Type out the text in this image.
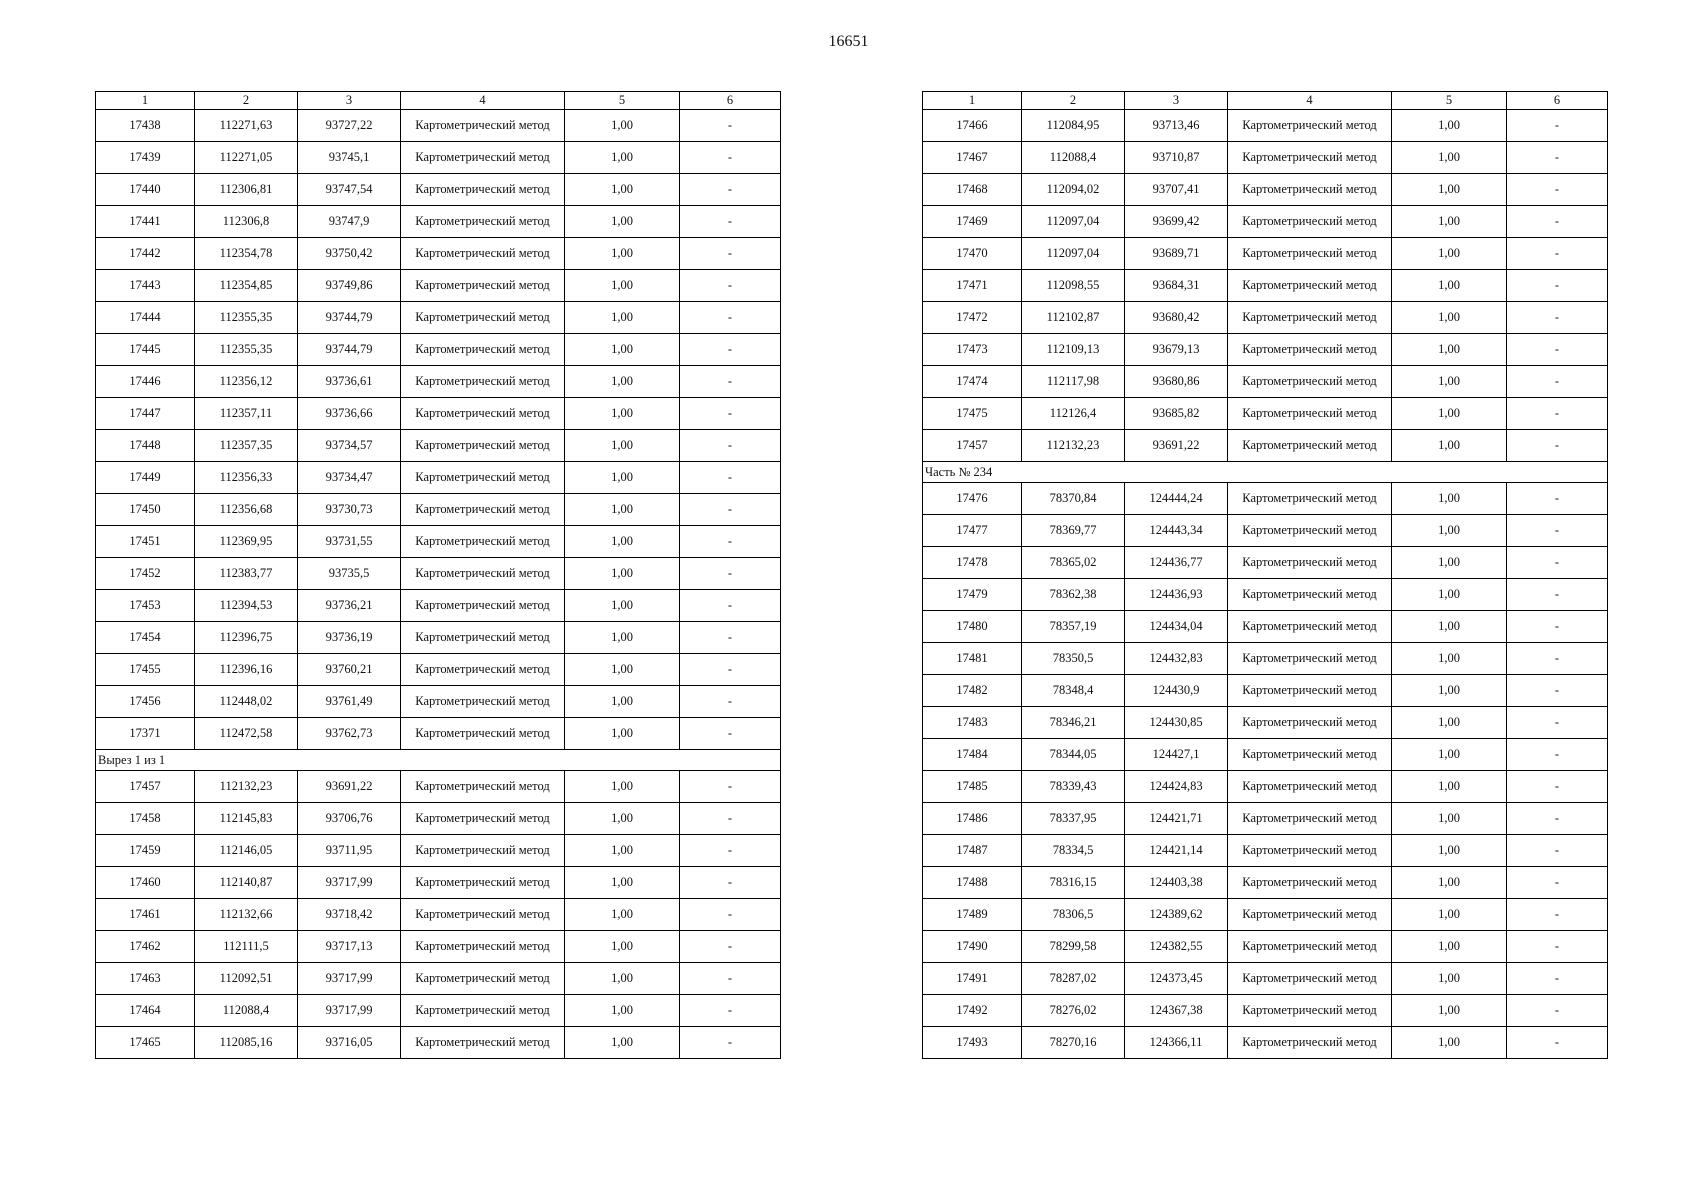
16651
1	2	3	4	5	6
17438	112271,63	93727,22	Картометрический метод	1,00	-
17439	112271,05	93745,1	Картометрический метод	1,00	-
17440	112306,81	93747,54	Картометрический метод	1,00	-
17441	112306,8	93747,9	Картометрический метод	1,00	-
17442	112354,78	93750,42	Картометрический метод	1,00	-
17443	112354,85	93749,86	Картометрический метод	1,00	-
17444	112355,35	93744,79	Картометрический метод	1,00	-
17445	112355,35	93744,79	Картометрический метод	1,00	-
17446	112356,12	93736,61	Картометрический метод	1,00	-
17447	112357,11	93736,66	Картометрический метод	1,00	-
17448	112357,35	93734,57	Картометрический метод	1,00	-
17449	112356,33	93734,47	Картометрический метод	1,00	-
17450	112356,68	93730,73	Картометрический метод	1,00	-
17451	112369,95	93731,55	Картометрический метод	1,00	-
17452	112383,77	93735,5	Картометрический метод	1,00	-
17453	112394,53	93736,21	Картометрический метод	1,00	-
17454	112396,75	93736,19	Картометрический метод	1,00	-
17455	112396,16	93760,21	Картометрический метод	1,00	-
17456	112448,02	93761,49	Картометрический метод	1,00	-
17371	112472,58	93762,73	Картометрический метод	1,00	-
Вырез 1 из 1					
17457	112132,23	93691,22	Картометрический метод	1,00	-
17458	112145,83	93706,76	Картометрический метод	1,00	-
17459	112146,05	93711,95	Картометрический метод	1,00	-
17460	112140,87	93717,99	Картометрический метод	1,00	-
17461	112132,66	93718,42	Картометрический метод	1,00	-
17462	112111,5	93717,13	Картометрический метод	1,00	-
17463	112092,51	93717,99	Картометрический метод	1,00	-
17464	112088,4	93717,99	Картометрический метод	1,00	-
17465	112085,16	93716,05	Картометрический метод	1,00	-
1	2	3	4	5	6
17466	112084,95	93713,46	Картометрический метод	1,00	-
17467	112088,4	93710,87	Картометрический метод	1,00	-
17468	112094,02	93707,41	Картометрический метод	1,00	-
17469	112097,04	93699,42	Картометрический метод	1,00	-
17470	112097,04	93689,71	Картометрический метод	1,00	-
17471	112098,55	93684,31	Картометрический метод	1,00	-
17472	112102,87	93680,42	Картометрический метод	1,00	-
17473	112109,13	93679,13	Картометрический метод	1,00	-
17474	112117,98	93680,86	Картометрический метод	1,00	-
17475	112126,4	93685,82	Картометрический метод	1,00	-
17457	112132,23	93691,22	Картометрический метод	1,00	-
Часть № 234					
17476	78370,84	124444,24	Картометрический метод	1,00	-
17477	78369,77	124443,34	Картометрический метод	1,00	-
17478	78365,02	124436,77	Картометрический метод	1,00	-
17479	78362,38	124436,93	Картометрический метод	1,00	-
17480	78357,19	124434,04	Картометрический метод	1,00	-
17481	78350,5	124432,83	Картометрический метод	1,00	-
17482	78348,4	124430,9	Картометрический метод	1,00	-
17483	78346,21	124430,85	Картометрический метод	1,00	-
17484	78344,05	124427,1	Картометрический метод	1,00	-
17485	78339,43	124424,83	Картометрический метод	1,00	-
17486	78337,95	124421,71	Картометрический метод	1,00	-
17487	78334,5	124421,14	Картометрический метод	1,00	-
17488	78316,15	124403,38	Картометрический метод	1,00	-
17489	78306,5	124389,62	Картометрический метод	1,00	-
17490	78299,58	124382,55	Картометрический метод	1,00	-
17491	78287,02	124373,45	Картометрический метод	1,00	-
17492	78276,02	124367,38	Картометрический метод	1,00	-
17493	78270,16	124366,11	Картометрический метод	1,00	-
